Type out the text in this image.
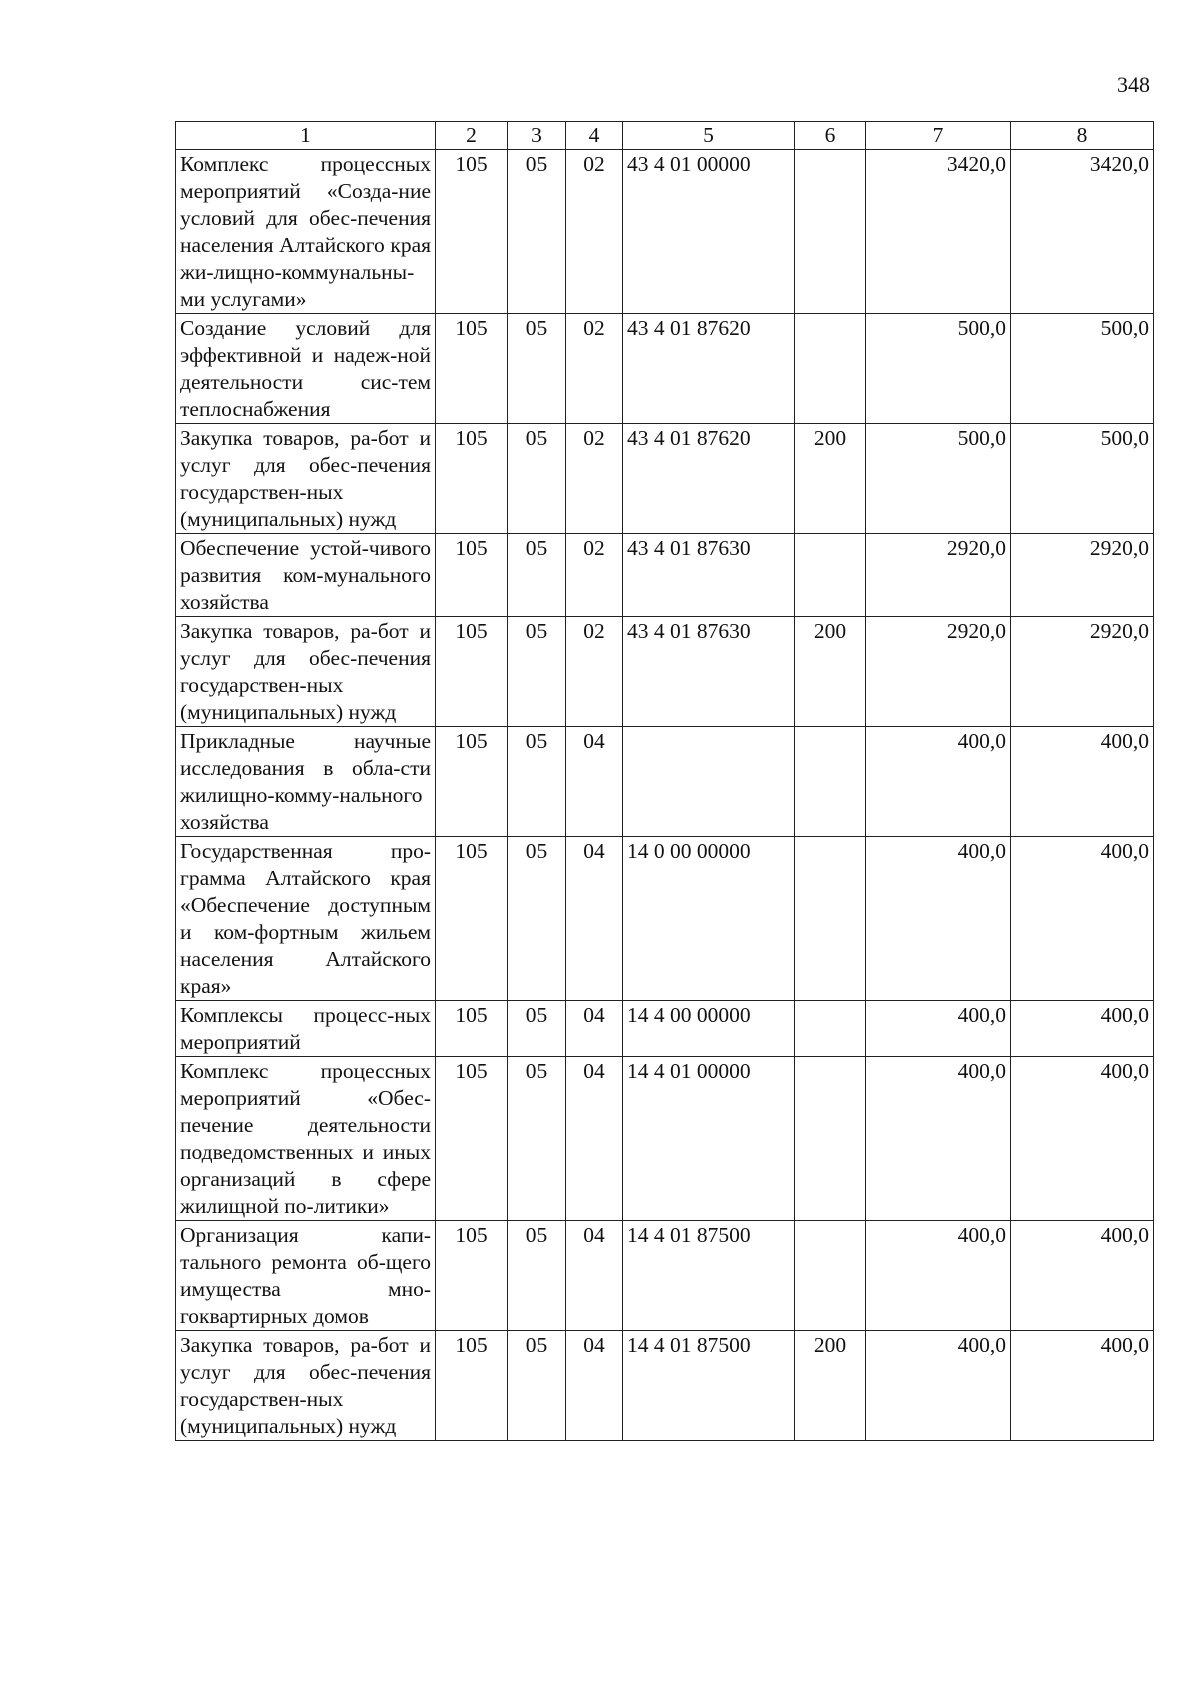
348
1	2	3	4	5	6	7	8
Комплекс процессных мероприятий «Созда-ние условий для обес-печения населения Алтайского края жи-лищно-коммунальны-ми услугами»	105	05	02	43 4 01 00000		3420,0	3420,0
Создание условий для эффективной и надеж-ной деятельности сис-тем теплоснабжения	105	05	02	43 4 01 87620		500,0	500,0
Закупка товаров, ра-бот и услуг для обес-печения государствен-ных (муниципальных) нужд	105	05	02	43 4 01 87620	200	500,0	500,0
Обеспечение устой-чивого развития ком-мунального хозяйства	105	05	02	43 4 01 87630		2920,0	2920,0
Закупка товаров, ра-бот и услуг для обес-печения государствен-ных (муниципальных) нужд	105	05	02	43 4 01 87630	200	2920,0	2920,0
Прикладные научные исследования в обла-сти жилищно-комму-нального хозяйства	105	05	04			400,0	400,0
Государственная про-грамма Алтайского края «Обеспечение доступным и ком-фортным жильем населения Алтайского края»	105	05	04	14 0 00 00000		400,0	400,0
Комплексы процесс-ных мероприятий	105	05	04	14 4 00 00000		400,0	400,0
Комплекс процессных мероприятий «Обес-печение деятельности подведомственных и иных организаций в сфере жилищной по-литики»	105	05	04	14 4 01 00000		400,0	400,0
Организация капи-тального ремонта об-щего имущества мно-гоквартирных домов	105	05	04	14 4 01 87500		400,0	400,0
Закупка товаров, ра-бот и услуг для обес-печения государствен-ных (муниципальных) нужд	105	05	04	14 4 01 87500	200	400,0	400,0
